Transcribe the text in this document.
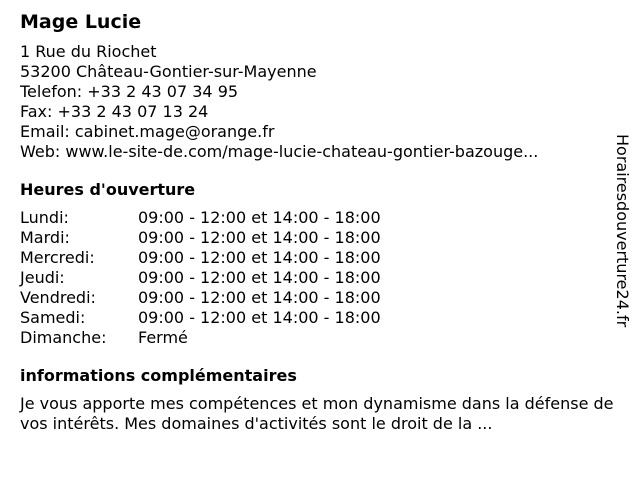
Mage Lucie
1 Rue du Riochet
53200 Château-Gontier-sur-Mayenne
Telefon: +33 2 43 07 34 95
Fax: +33 2 43 07 13 24
Email: cabinet.mage@orange.fr
Web: www.le-site-de.com/mage-lucie-chateau-gontier-bazouge...
Heures d'ouverture
Lundi:	09:00 - 12:00 et 14:00 - 18:00
Mardi:	09:00 - 12:00 et 14:00 - 18:00
Mercredi:	09:00 - 12:00 et 14:00 - 18:00
Jeudi:	09:00 - 12:00 et 14:00 - 18:00
Vendredi:	09:00 - 12:00 et 14:00 - 18:00
Samedi:	09:00 - 12:00 et 14:00 - 18:00
Dimanche:	Fermé
informations complémentaires
Je vous apporte mes compétences et mon dynamisme dans la défense de vos intérêts. Mes domaines d'activités sont le droit de la ...
Horairesdouverture24.fr
